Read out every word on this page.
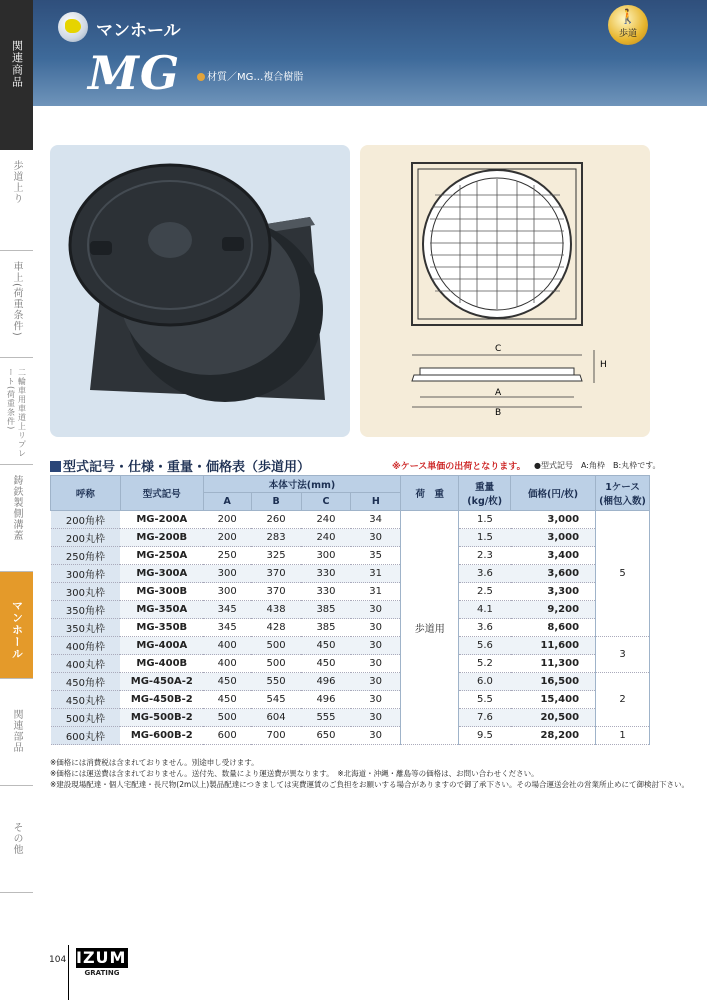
マンホール
MG	材質／MG…複合樹脂
🚶
歩道
関連商品
歩道上り
車上(荷重条件)
二輪車用車道上リプレート(荷重条件)
鋳鉄製側溝蓋
マンホール
関連部品
その他
C
A
B
H
型式記号・仕様・重量・価格表（歩道用）	※ケース単価の出荷となります。 ●型式記号　A:角枠　B:丸枠です。
呼称	型式記号	本体寸法(mm)				荷　重	重量
(kg/枚)	価格(円/枚)	1ケース
(梱包入数)
		A	B	C	H				
200角枠	MG-200A	200	260	240	34	歩道用	1.5	3,000	5
200丸枠	MG-200B	200	283	240	30		1.5	3,000	
250角枠	MG-250A	250	325	300	35		2.3	3,400	
300角枠	MG-300A	300	370	330	31		3.6	3,600	
300丸枠	MG-300B	300	370	330	31		2.5	3,300	
350角枠	MG-350A	345	438	385	30		4.1	9,200	
350丸枠	MG-350B	345	428	385	30		3.6	8,600	
400角枠	MG-400A	400	500	450	30		5.6	11,600	3
400丸枠	MG-400B	400	500	450	30		5.2	11,300	
450角枠	MG-450A-2	450	550	496	30		6.0	16,500	2
450丸枠	MG-450B-2	450	545	496	30		5.5	15,400	
500丸枠	MG-500B-2	500	604	555	30		7.6	20,500	
600丸枠	MG-600B-2	600	700	650	30		9.5	28,200	1
※価格には消費税は含まれておりません。別途申し受けます。
※価格には運送費は含まれておりません。送付先、数量により運送費が異なります。　※北海道・沖縄・離島等の価格は、お問い合わせください。
※建設現場配達・個人宅配達・長尺物(2m以上)製品配達につきましては実費運賃のご負担をお願いする場合がありますので御了承下さい。その場合運送会社の営業所止めにて御検討下さい。
104 IZUMI
GRATING
